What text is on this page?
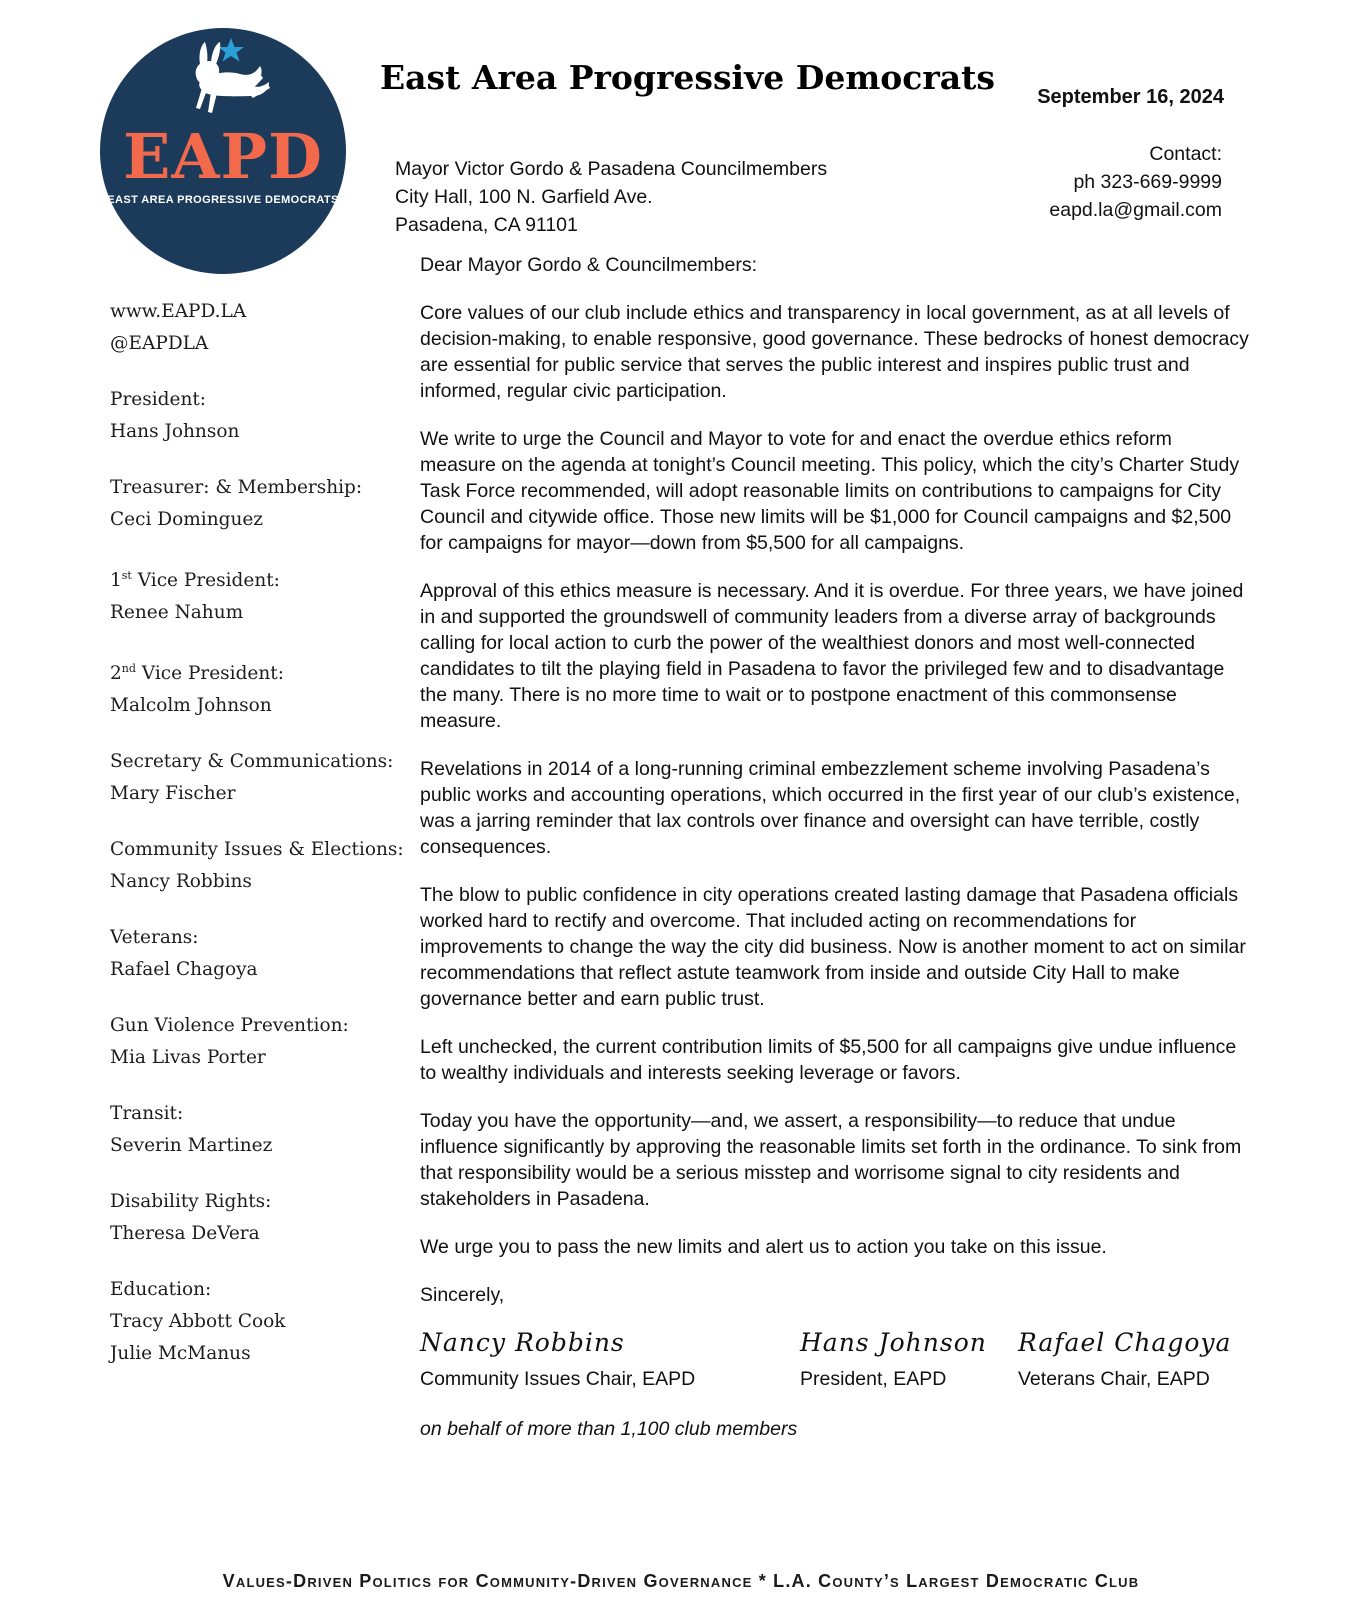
EAPD
EAST AREA PROGRESSIVE DEMOCRATS
East Area Progressive Democrats September 16, 2024
Mayor Victor Gordo & Pasadena Councilmembers
City Hall, 100 N. Garfield Ave.
Pasadena, CA 91101
Contact:
ph 323-669-9999
eapd.la@gmail.com
www.EAPD.LA
@EAPDLA
President:
Hans Johnson
Treasurer: & Membership:
Ceci Dominguez
1st Vice President:
Renee Nahum
2nd Vice President:
Malcolm Johnson
Secretary & Communications:
Mary Fischer
Community Issues & Elections:
Nancy Robbins
Veterans:
Rafael Chagoya
Gun Violence Prevention:
Mia Livas Porter
Transit:
Severin Martinez
Disability Rights:
Theresa DeVera
Education:
Tracy Abbott Cook
Julie McManus

Dear Mayor Gordo & Councilmembers:

Core values of our club include ethics and transparency in local government, as at all levels of decision-making, to enable responsive, good governance. These bedrocks of honest democracy are essential for public service that serves the public interest and inspires public trust and informed, regular civic participation.

We write to urge the Council and Mayor to vote for and enact the overdue ethics reform measure on the agenda at tonight’s Council meeting. This policy, which the city’s Charter Study Task Force recommended, will adopt reasonable limits on contributions to campaigns for City Council and citywide office. Those new limits will be $1,000 for Council campaigns and $2,500 for campaigns for mayor—down from $5,500 for all campaigns.

Approval of this ethics measure is necessary. And it is overdue. For three years, we have joined in and supported the groundswell of community leaders from a diverse array of backgrounds calling for local action to curb the power of the wealthiest donors and most well-connected candidates to tilt the playing field in Pasadena to favor the privileged few and to disadvantage the many. There is no more time to wait or to postpone enactment of this commonsense measure.

Revelations in 2014 of a long-running criminal embezzlement scheme involving Pasadena’s public works and accounting operations, which occurred in the first year of our club’s existence, was a jarring reminder that lax controls over finance and oversight can have terrible, costly consequences.

The blow to public confidence in city operations created lasting damage that Pasadena officials worked hard to rectify and overcome. That included acting on recommendations for improvements to change the way the city did business. Now is another moment to act on similar recommendations that reflect astute teamwork from inside and outside City Hall to make governance better and earn public trust.

Left unchecked, the current contribution limits of $5,500 for all campaigns give undue influence to wealthy individuals and interests seeking leverage or favors.

Today you have the opportunity—and, we assert, a responsibility—to reduce that undue influence significantly by approving the reasonable limits set forth in the ordinance. To sink from that responsibility would be a serious misstep and worrisome signal to city residents and stakeholders in Pasadena.

We urge you to pass the new limits and alert us to action you take on this issue.

Sincerely,

Nancy Robbins
Community Issues Chair, EAPD
Hans Johnson
President, EAPD
Rafael Chagoya
Veterans Chair, EAPD
on behalf of more than 1,100 club members
Values-Driven Politics for Community-Driven Governance * L.A. County’s Largest Democratic Club
